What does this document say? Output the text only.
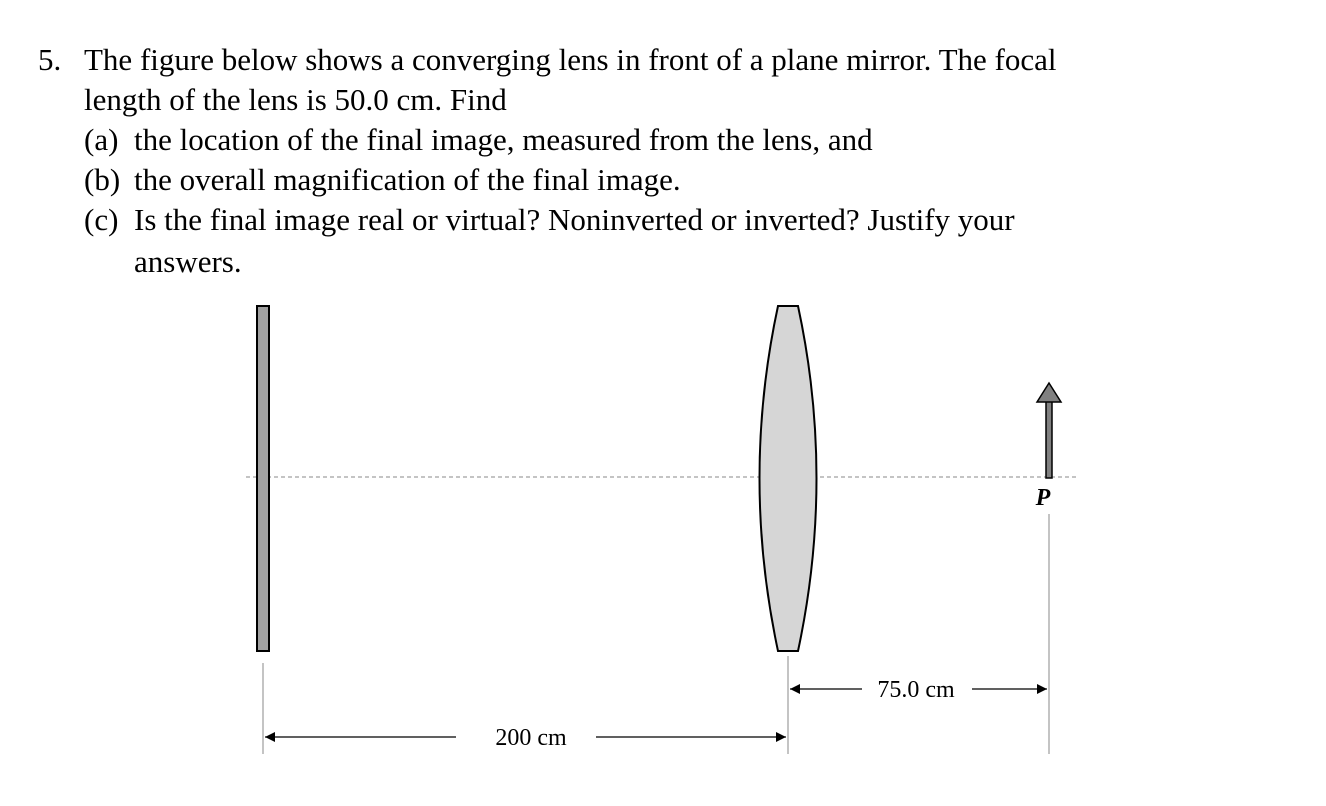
5. The figure below shows a converging lens in front of a plane mirror. The focal
length of the lens is 50.0 cm. Find
(a) the location of the final image, measured from the lens, and
(b) the overall magnification of the final image.
(c) Is the final image real or virtual? Noninverted or inverted? Justify your
answers.
P
75.0 cm
200 cm
